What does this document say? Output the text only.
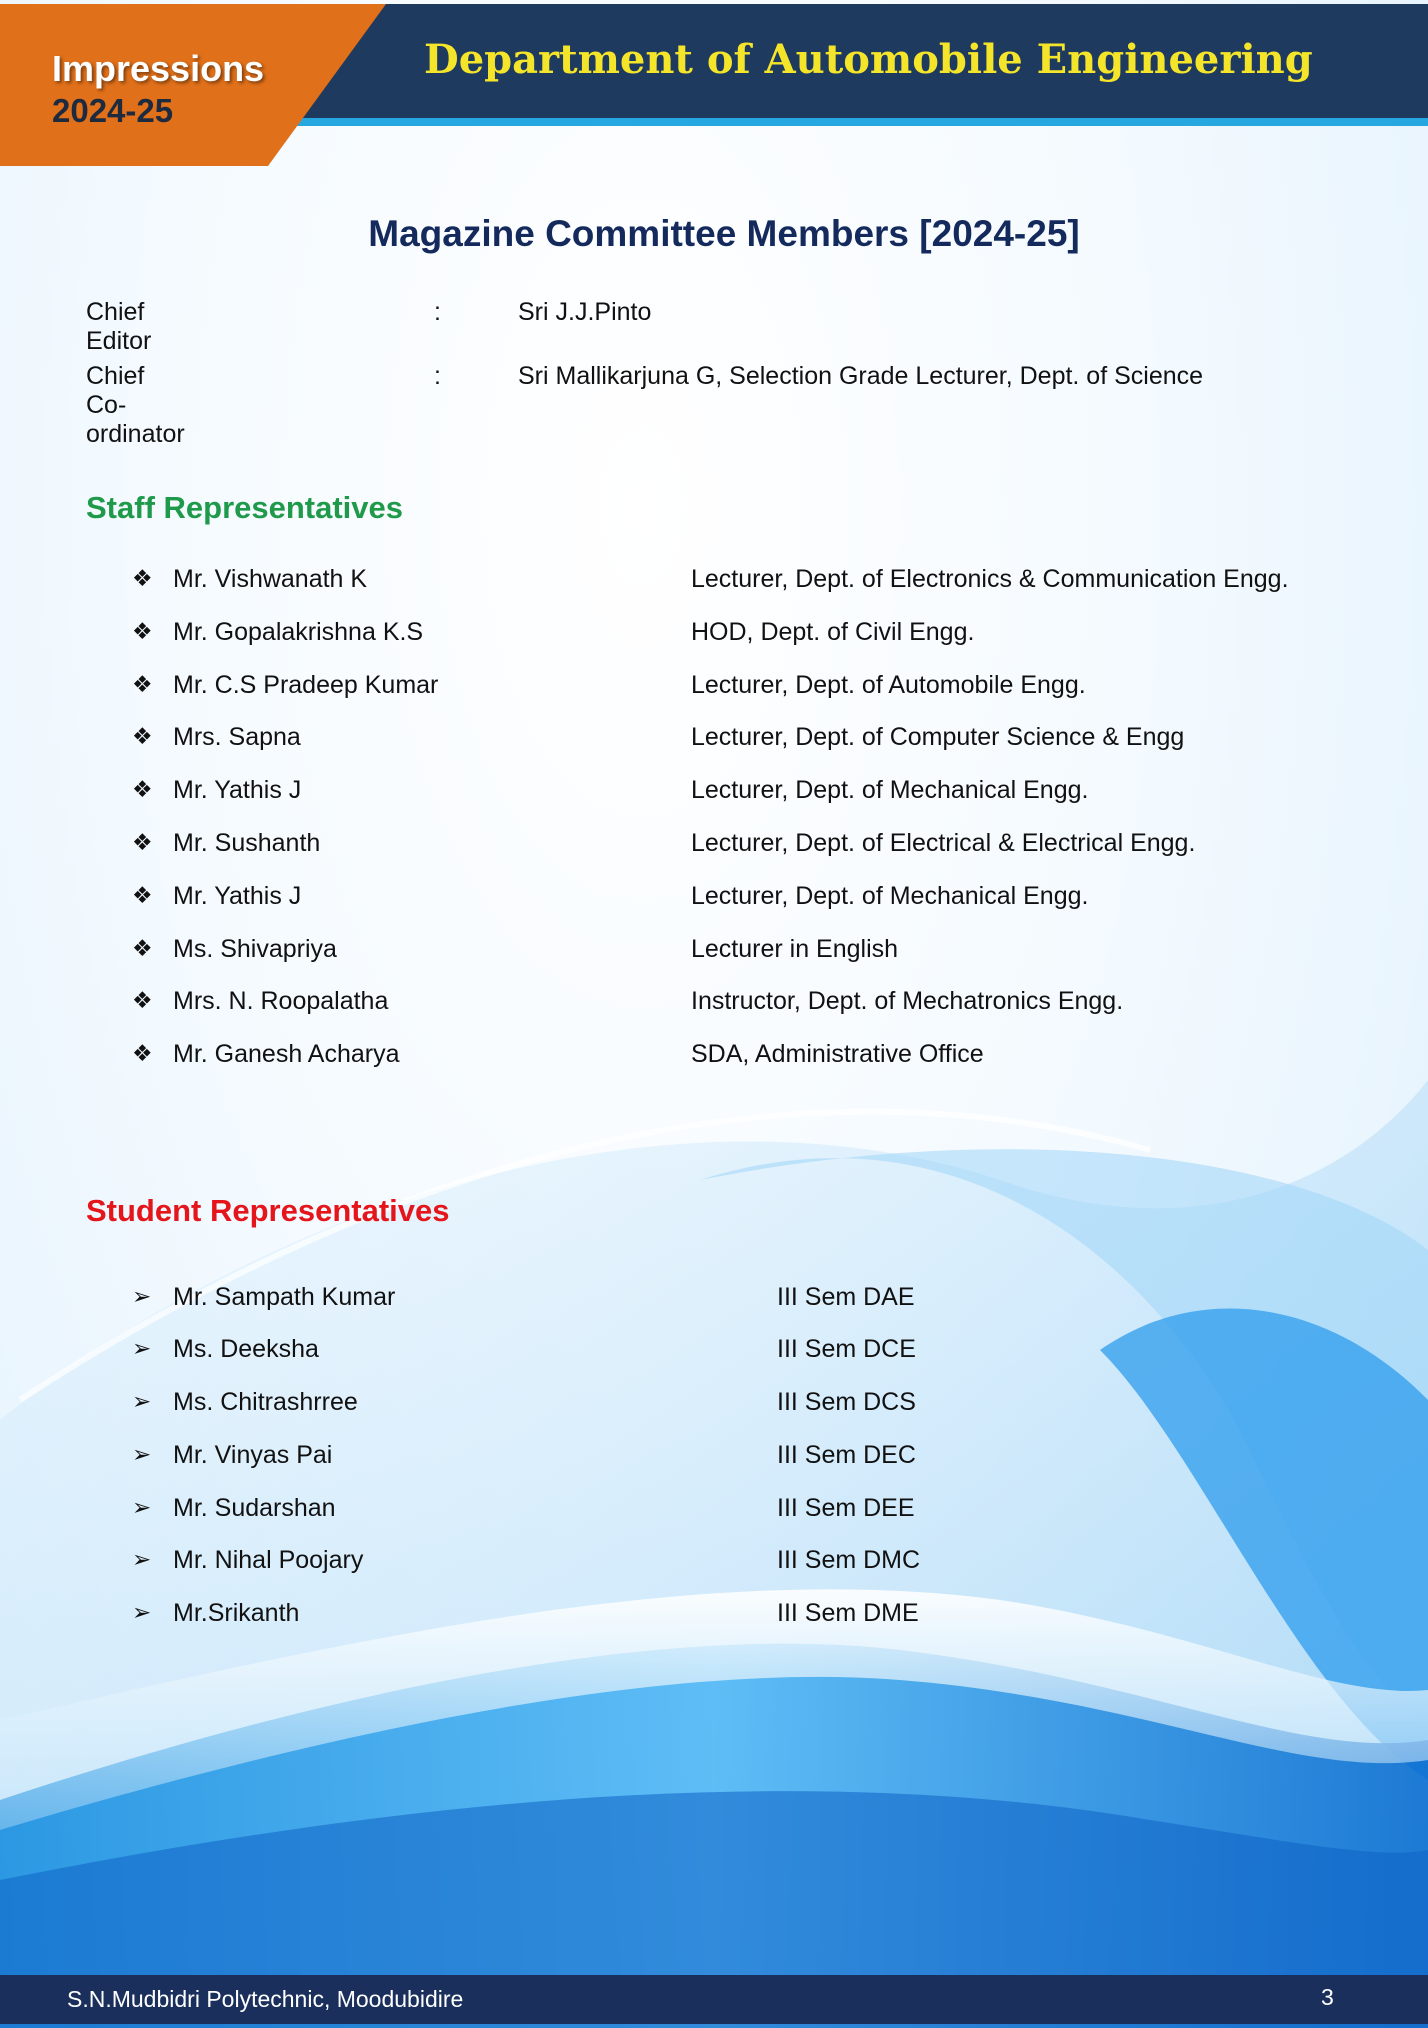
Impressions
2024-25
Department of Automobile Engineering
Magazine Committee Members [2024-25]
Chief Editor
:	Sri J.J.Pinto
Chief Co-ordinator
:	Sri Mallikarjuna G, Selection Grade Lecturer, Dept. of Science
Staff Representatives
❖ Mr. Vishwanath K	Lecturer, Dept. of Electronics & Communication Engg.
❖ Mr. Gopalakrishna K.S	HOD, Dept. of Civil Engg.
❖ Mr. C.S Pradeep Kumar	Lecturer, Dept. of Automobile Engg.
❖ Mrs. Sapna	Lecturer, Dept. of Computer Science & Engg
❖ Mr. Yathis J	Lecturer, Dept. of Mechanical Engg.
❖ Mr. Sushanth	Lecturer, Dept. of Electrical & Electrical Engg.
❖ Mr. Yathis J	Lecturer, Dept. of Mechanical Engg.
❖ Ms. Shivapriya	Lecturer in English
❖ Mrs. N. Roopalatha	Instructor, Dept. of Mechatronics Engg.
❖ Mr. Ganesh Acharya	SDA, Administrative Office
Student Representatives
➢ Mr. Sampath Kumar	III Sem DAE
➢ Ms. Deeksha	III Sem DCE
➢ Ms. Chitrashrree	III Sem DCS
➢ Mr. Vinyas Pai	III Sem DEC
➢ Mr. Sudarshan	III Sem DEE
➢ Mr. Nihal Poojary	III Sem DMC
➢ Mr.Srikanth	III Sem DME
S.N.Mudbidri Polytechnic, Moodubidire	3
